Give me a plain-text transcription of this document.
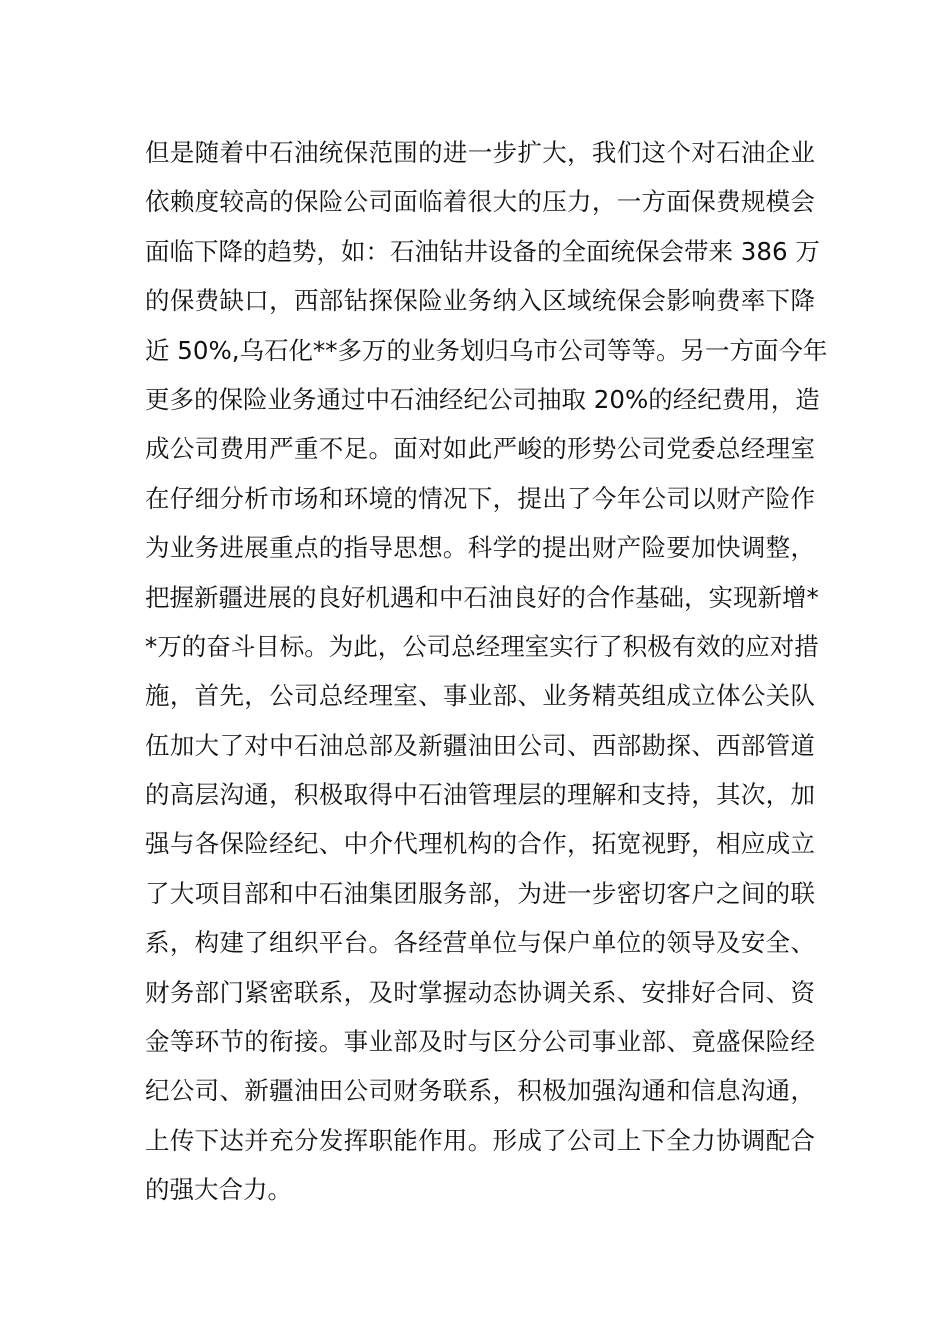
但是随着中石油统保范围的进一步扩大，我们这个对石油企业
依赖度较高的保险公司面临着很大的压力，一方面保费规模会
面临下降的趋势，如：石油钻井设备的全面统保会带来 386 万
的保费缺口，西部钻探保险业务纳入区域统保会影响费率下降
近 50%,乌石化**多万的业务划归乌市公司等等。另一方面今年
更多的保险业务通过中石油经纪公司抽取 20%的经纪费用，造
成公司费用严重不足。面对如此严峻的形势公司党委总经理室
在仔细分析市场和环境的情况下，提出了今年公司以财产险作
为业务进展重点的指导思想。科学的提出财产险要加快调整，
把握新疆进展的良好机遇和中石油良好的合作基础，实现新增*
*万的奋斗目标。为此，公司总经理室实行了积极有效的应对措
施，首先，公司总经理室、事业部、业务精英组成立体公关队
伍加大了对中石油总部及新疆油田公司、西部勘探、西部管道
的高层沟通，积极取得中石油管理层的理解和支持，其次，加
强与各保险经纪、中介代理机构的合作，拓宽视野，相应成立
了大项目部和中石油集团服务部，为进一步密切客户之间的联
系，构建了组织平台。各经营单位与保户单位的领导及安全、
财务部门紧密联系，及时掌握动态协调关系、安排好合同、资
金等环节的衔接。事业部及时与区分公司事业部、竟盛保险经
纪公司、新疆油田公司财务联系，积极加强沟通和信息沟通，
上传下达并充分发挥职能作用。形成了公司上下全力协调配合
的强大合力。
